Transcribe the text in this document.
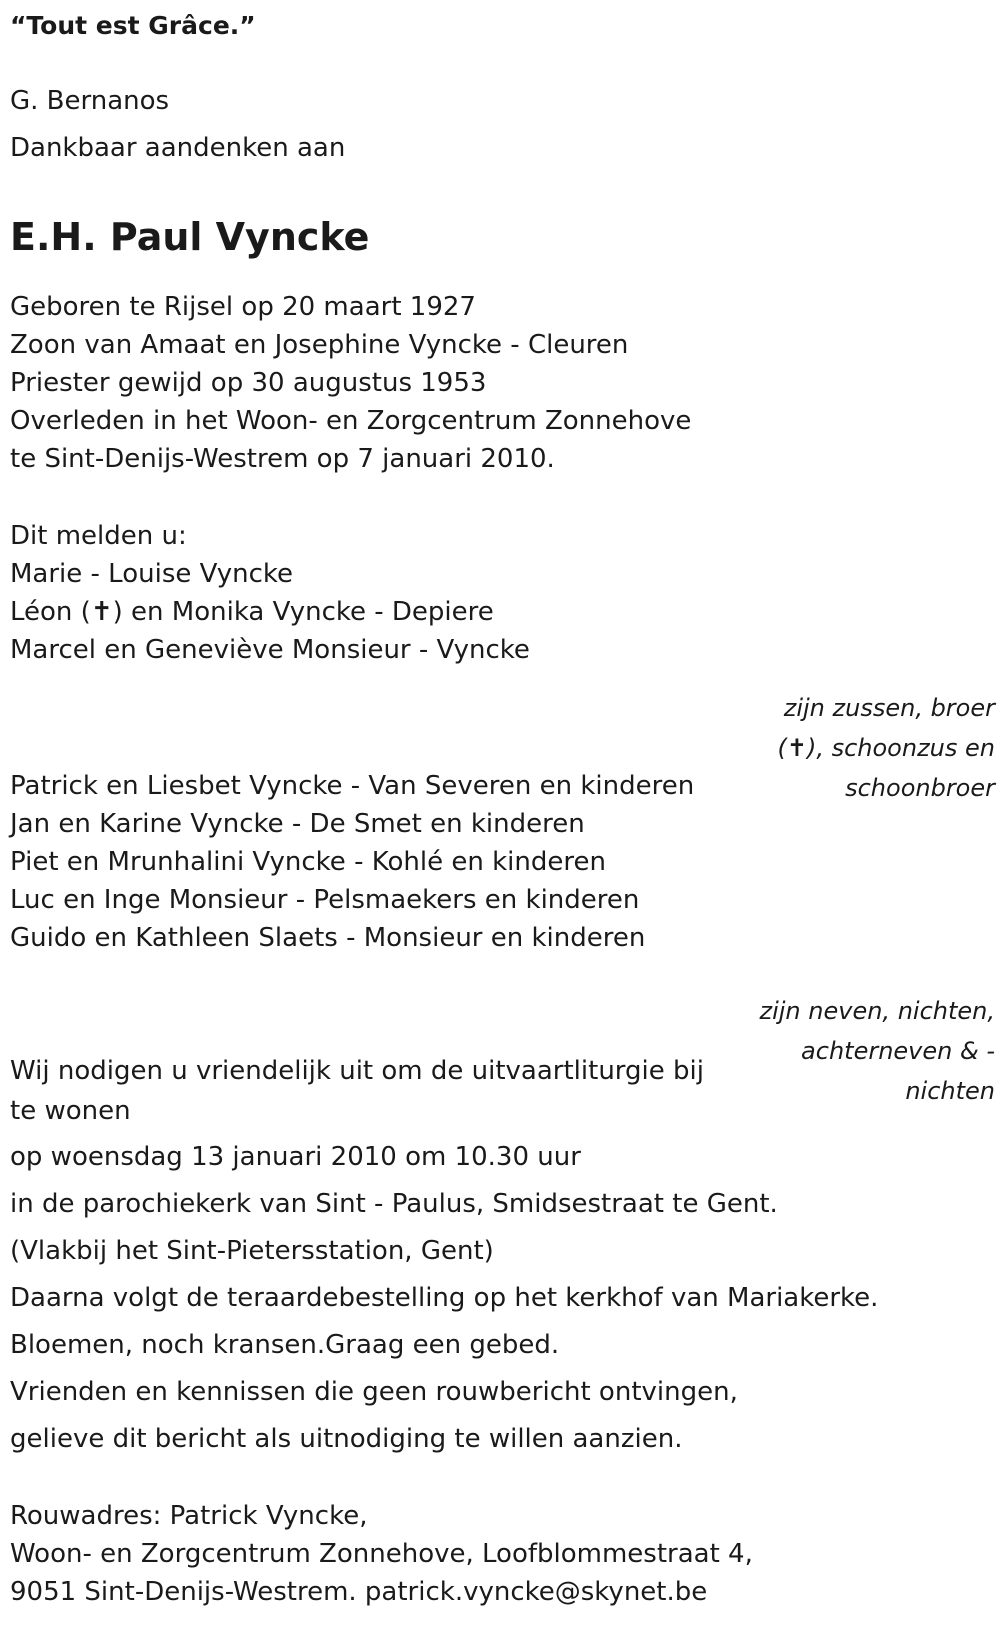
“Tout est Grâce.”
G. Bernanos
Dankbaar aandenken aan
E.H. Paul Vyncke
Geboren te Rijsel op 20 maart 1927
Zoon van Amaat en Josephine Vyncke - Cleuren
Priester gewijd op 30 augustus 1953
Overleden in het Woon- en Zorgcentrum Zonnehove
te Sint-Denijs-Westrem op 7 januari 2010.
Dit melden u:
Marie - Louise Vyncke
Léon (✝) en Monika Vyncke - Depiere
Marcel en Geneviève Monsieur - Vyncke
zijn zussen, broer (✝), schoonzus en schoonbroer
Patrick en Liesbet Vyncke - Van Severen en kinderen
Jan en Karine Vyncke - De Smet en kinderen
Piet en Mrunhalini Vyncke - Kohlé en kinderen
Luc en Inge Monsieur - Pelsmaekers en kinderen
Guido en Kathleen Slaets - Monsieur en kinderen
zijn neven, nichten, achterneven & -nichten
Wij nodigen u vriendelijk uit om de uitvaartliturgie bij te wonen
op woensdag 13 januari 2010 om 10.30 uur
in de parochiekerk van Sint - Paulus, Smidsestraat te Gent.
(Vlakbij het Sint-Pietersstation, Gent)
Daarna volgt de teraardebestelling op het kerkhof van Mariakerke.
Bloemen, noch kransen.Graag een gebed.
Vrienden en kennissen die geen rouwbericht ontvingen,
gelieve dit bericht als uitnodiging te willen aanzien.
Rouwadres: Patrick Vyncke,
Woon- en Zorgcentrum Zonnehove, Loofblommestraat 4,
9051 Sint-Denijs-Westrem. patrick.vyncke@skynet.be
